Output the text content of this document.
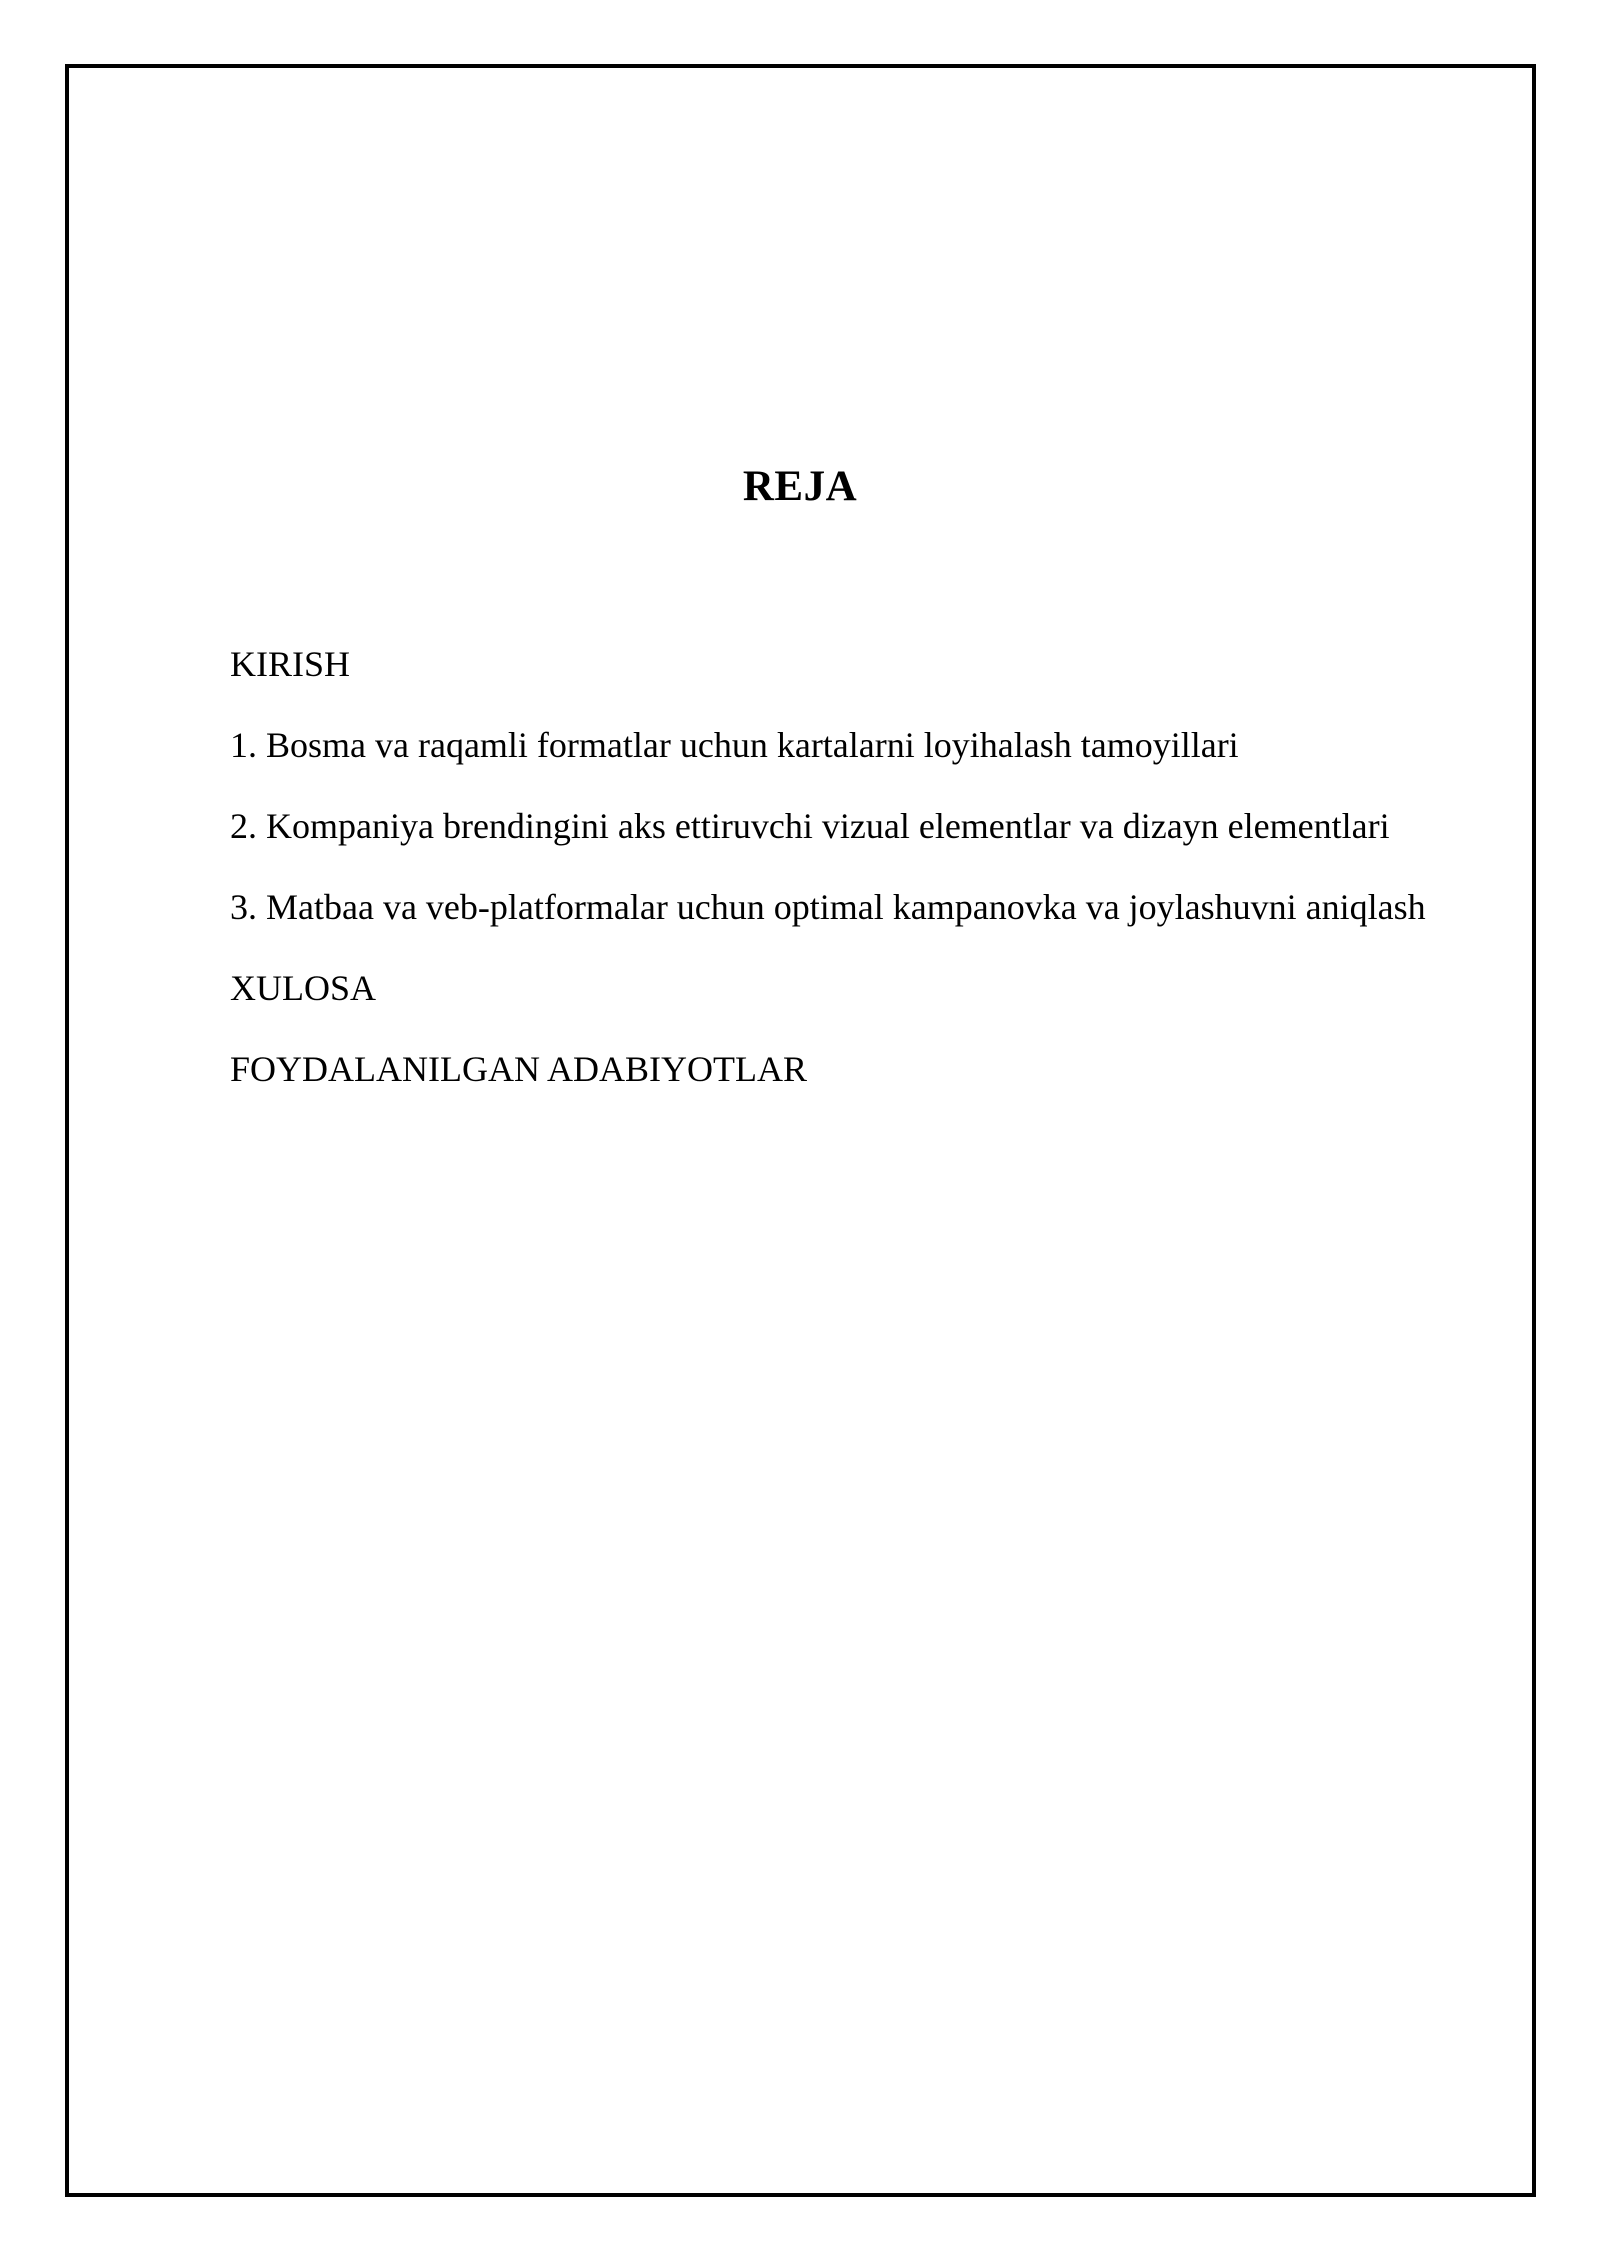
REJA
KIRISH
1. Bosma va raqamli formatlar uchun kartalarni loyihalash tamoyillari
2. Kompaniya brendingini aks ettiruvchi vizual elementlar va dizayn elementlari
3. Matbaa va veb-platformalar uchun optimal kampanovka va joylashuvni aniqlash
XULOSA
FOYDALANILGAN ADABIYOTLAR
